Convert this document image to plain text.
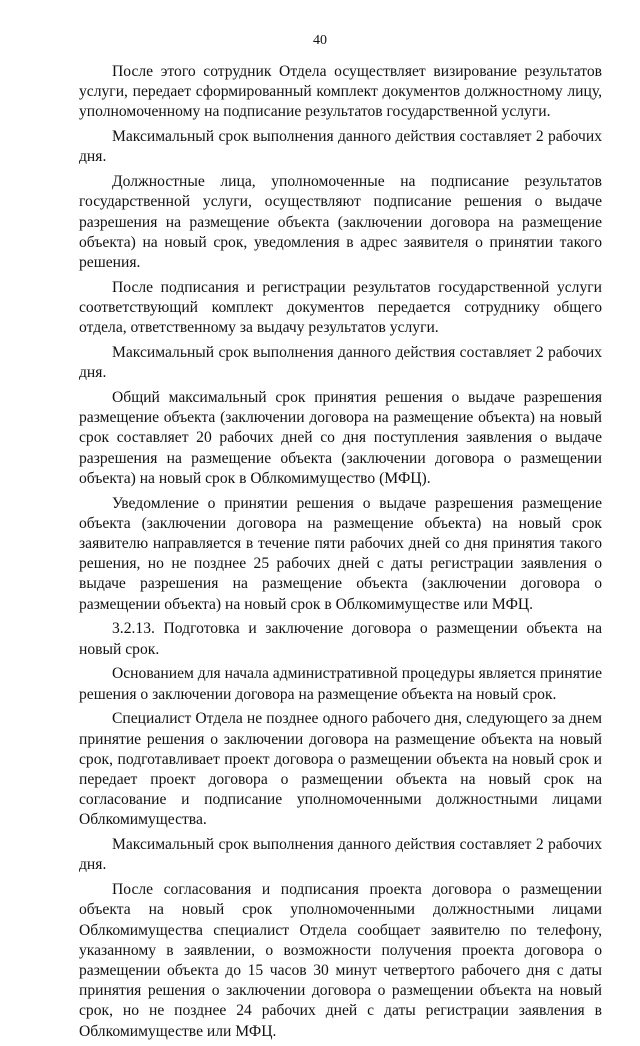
40

После этого сотрудник Отдела осуществляет визирование результатов услуги, передает сформированный комплект документов должностному лицу, уполномоченному на подписание результатов государственной услуги.

Максимальный срок выполнения данного действия составляет 2 рабочих дня.

Должностные лица, уполномоченные на подписание результатов государственной услуги, осуществляют подписание решения о выдаче разрешения на размещение объекта (заключении договора на размещение объекта) на новый срок, уведомления в адрес заявителя о принятии такого решения.

После подписания и регистрации результатов государственной услуги соответствующий комплект документов передается сотруднику общего отдела, ответственному за выдачу результатов услуги.

Максимальный срок выполнения данного действия составляет 2 рабочих дня.

Общий максимальный срок принятия решения о выдаче разрешения размещение объекта (заключении договора на размещение объекта) на новый срок составляет 20 рабочих дней со дня поступления заявления о выдаче разрешения на размещение объекта (заключении договора о размещении объекта) на новый срок в Облкомимущество (МФЦ).

Уведомление о принятии решения о выдаче разрешения размещение объекта (заключении договора на размещение объекта) на новый срок заявителю направляется в течение пяти рабочих дней со дня принятия такого решения, но не позднее 25 рабочих дней с даты регистрации заявления о выдаче разрешения на размещение объекта (заключении договора о размещении объекта) на новый срок в Облкомимуществе или МФЦ.

3.2.13. Подготовка и заключение договора о размещении объекта на новый срок.

Основанием для начала административной процедуры является принятие решения о заключении договора на размещение объекта на новый срок.

Специалист Отдела не позднее одного рабочего дня, следующего за днем принятие решения о заключении договора на размещение объекта на новый срок, подготавливает проект договора о размещении объекта на новый срок и передает проект договора о размещении объекта на новый срок на согласование и подписание уполномоченными должностными лицами Облкомимущества.

Максимальный срок выполнения данного действия составляет 2 рабочих дня.

После согласования и подписания проекта договора о размещении объекта на новый срок уполномоченными должностными лицами Облкомимущества специалист Отдела сообщает заявителю по телефону, указанному в заявлении, о возможности получения проекта договора о размещении объекта до 15 часов 30 минут четвертого рабочего дня с даты принятия решения о заключении договора о размещении объекта на новый срок, но не позднее 24 рабочих дней с даты регистрации заявления в Облкомимуществе или МФЦ.
